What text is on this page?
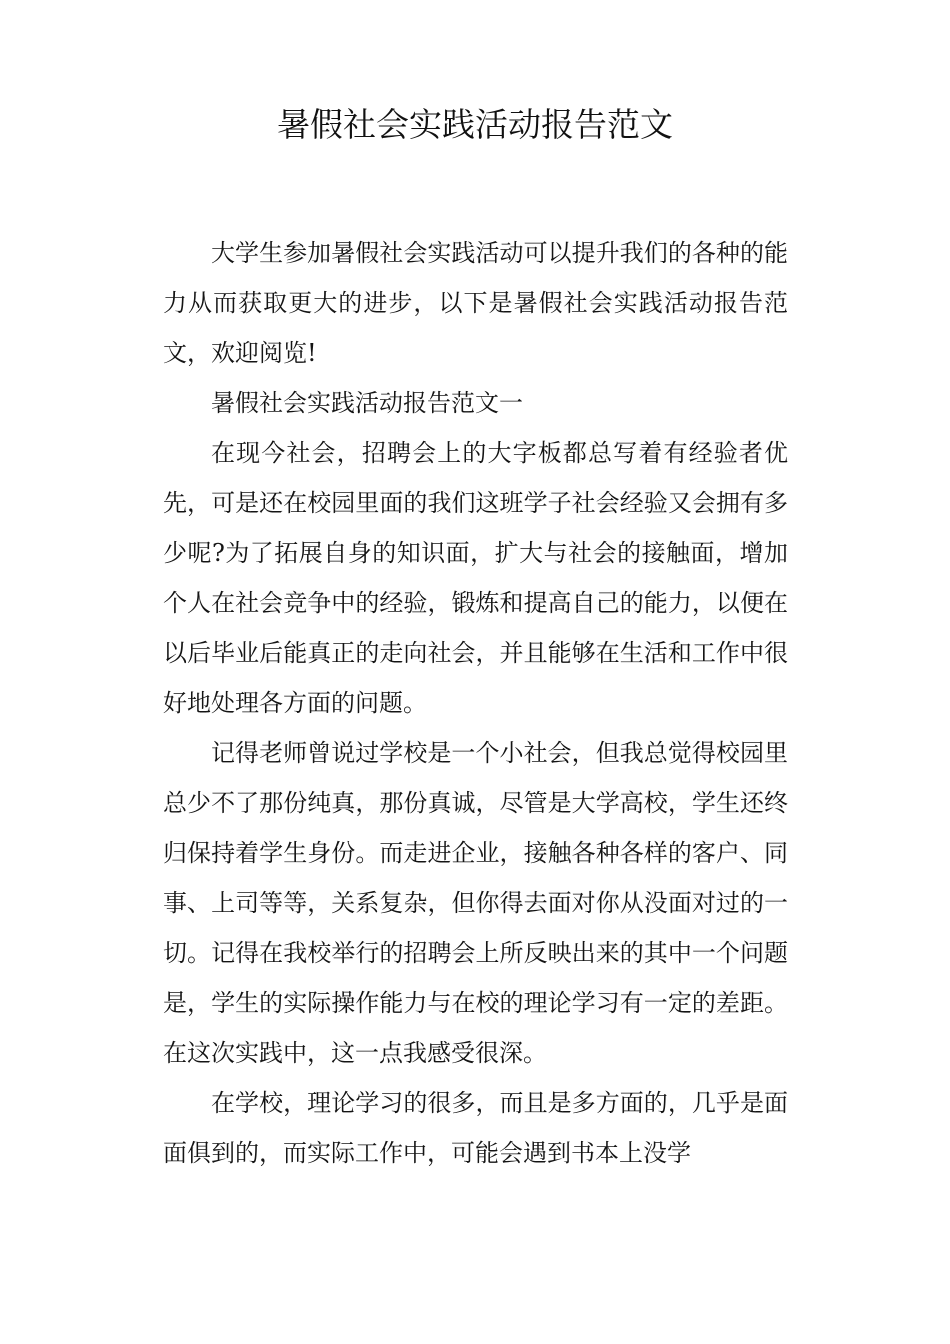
暑假社会实践活动报告范文

大学生参加暑假社会实践活动可以提升我们的各种的能力从而获取更大的进步，以下是暑假社会实践活动报告范文，欢迎阅览!

暑假社会实践活动报告范文一

在现今社会，招聘会上的大字板都总写着有经验者优先，可是还在校园里面的我们这班学子社会经验又会拥有多少呢?为了拓展自身的知识面，扩大与社会的接触面，增加个人在社会竞争中的经验，锻炼和提高自己的能力，以便在以后毕业后能真正的走向社会，并且能够在生活和工作中很好地处理各方面的问题。

记得老师曾说过学校是一个小社会，但我总觉得校园里总少不了那份纯真，那份真诚，尽管是大学高校，学生还终归保持着学生身份。而走进企业，接触各种各样的客户、同事、上司等等，关系复杂，但你得去面对你从没面对过的一切。记得在我校举行的招聘会上所反映出来的其中一个问题是，学生的实际操作能力与在校的理论学习有一定的差距。在这次实践中，这一点我感受很深。

在学校，理论学习的很多，而且是多方面的，几乎是面面俱到的，而实际工作中，可能会遇到书本上没学
